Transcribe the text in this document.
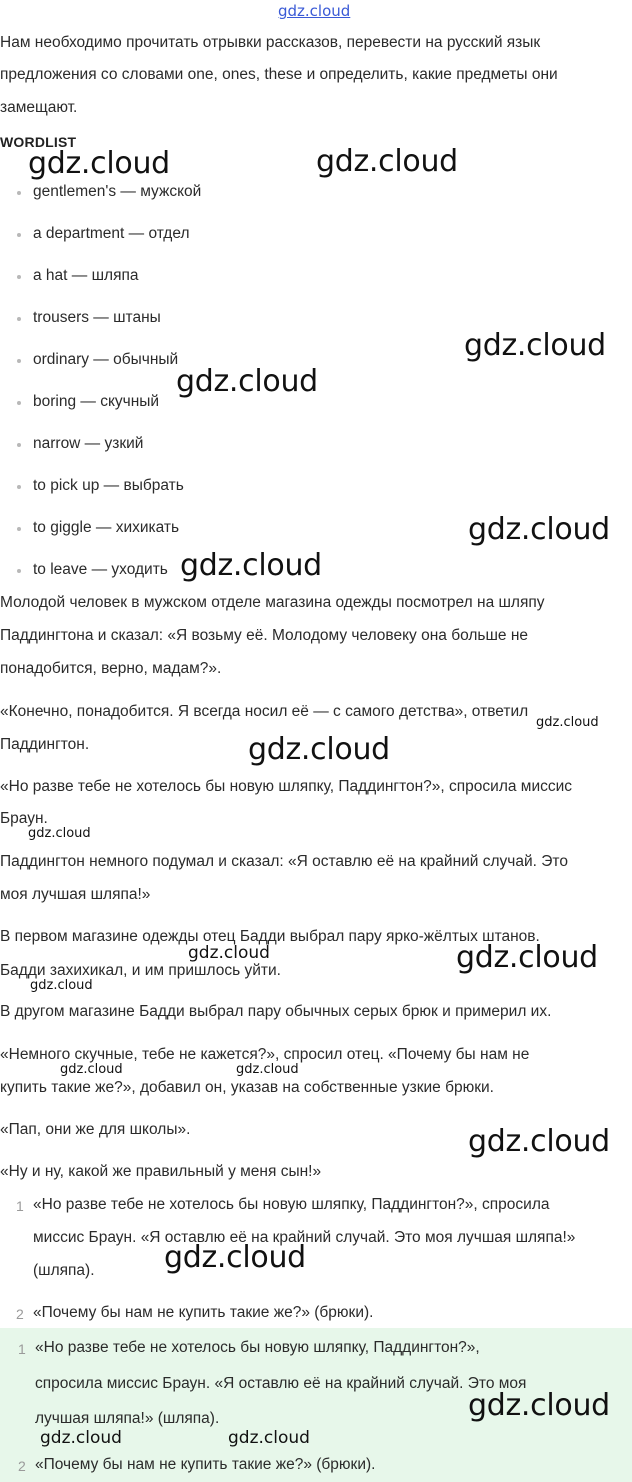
gdz.cloud
Нам необходимо прочитать отрывки рассказов, перевести на русский язык
предложения со словами one, ones, these и определить, какие предметы они
замещают.
WORDLIST
gentlemen's — мужской
a department — отдел
a hat — шляпа
trousers — штаны
ordinary — обычный
boring — скучный
narrow — узкий
to pick up — выбрать
to giggle — хихикать
to leave — уходить
Молодой человек в мужском отделе магазина одежды посмотрел на шляпу
Паддингтона и сказал: «Я возьму её. Молодому человеку она больше не
понадобится, верно, мадам?».
«Конечно, понадобится. Я всегда носил её — с самого детства», ответил
Паддингтон.
«Но разве тебе не хотелось бы новую шляпку, Паддингтон?», спросила миссис
Браун.
Паддингтон немного подумал и сказал: «Я оставлю её на крайний случай. Это
моя лучшая шляпа!»
В первом магазине одежды отец Бадди выбрал пару ярко-жёлтых штанов.
Бадди захихикал, и им пришлось уйти.
В другом магазине Бадди выбрал пару обычных серых брюк и примерил их.
«Немного скучные, тебе не кажется?», спросил отец. «Почему бы нам не
купить такие же?», добавил он, указав на собственные узкие брюки.
«Пап, они же для школы».
«Ну и ну, какой же правильный у меня сын!»
1 «Но разве тебе не хотелось бы новую шляпку, Паддингтон?», спросила
миссис Браун. «Я оставлю её на крайний случай. Это моя лучшая шляпа!»
(шляпа).
2 «Почему бы нам не купить такие же?» (брюки).
1 «Но разве тебе не хотелось бы новую шляпку, Паддингтон?»,
спросила миссис Браун. «Я оставлю её на крайний случай. Это моя
лучшая шляпа!» (шляпа).
2 «Почему бы нам не купить такие же?» (брюки).
gdz.cloud	gdz.cloud
gdz.cloud
gdz.cloud
gdz.cloud
gdz.cloud
gdz.cloud
gdz.cloud
gdz.cloud
gdz.cloud	gdz.cloud
gdz.cloud
gdz.cloud	gdz.cloud
gdz.cloud
gdz.cloud
gdz.cloud
gdz.cloud	gdz.cloud
